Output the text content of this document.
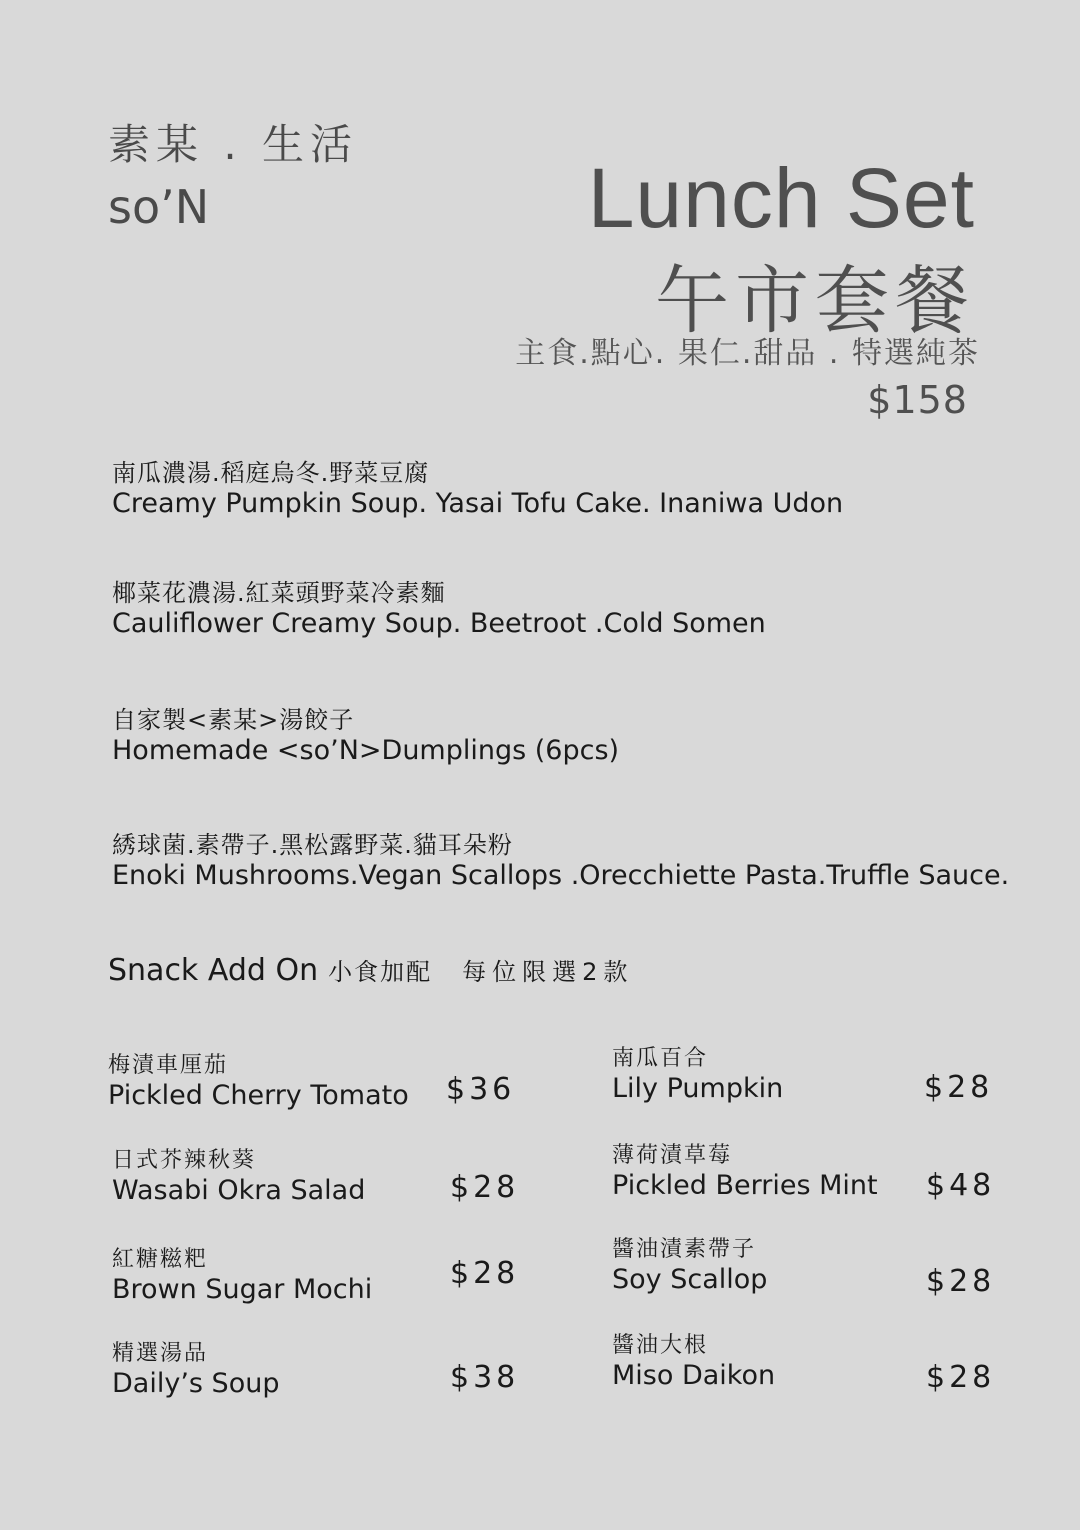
素某 . 生活
so’N	Lunch Set
午市套餐
主食.點心. 果仁.甜品 . 特選純茶
$158
南瓜濃湯.稻庭烏冬.野菜豆腐
Creamy Pumpkin Soup. Yasai Tofu Cake. Inaniwa Udon
椰菜花濃湯.紅菜頭野菜冷素麵
Cauliflower Creamy Soup. Beetroot .Cold Somen
自家製<素某>湯餃子
Homemade <so’N>Dumplings (6pcs)
綉球菌.素帶子.黑松露野菜.貓耳朵粉
Enoki Mushrooms.Vegan Scallops .Orecchiette Pasta.Truffle Sauce.
Snack Add On 小食加配 每位限選2款
梅漬車厘茄
Pickled Cherry Tomato $36
日式芥辣秋葵
Wasabi Okra Salad	$28
紅糖糍粑
Brown Sugar Mochi	$28
精選湯品
Daily’s Soup	$38
南瓜百合
Lily Pumpkin	$28
薄荷漬草莓
Pickled Berries Mint $48
醬油漬素帶子
Soy Scallop	$28
醬油大根
Miso Daikon	$28
